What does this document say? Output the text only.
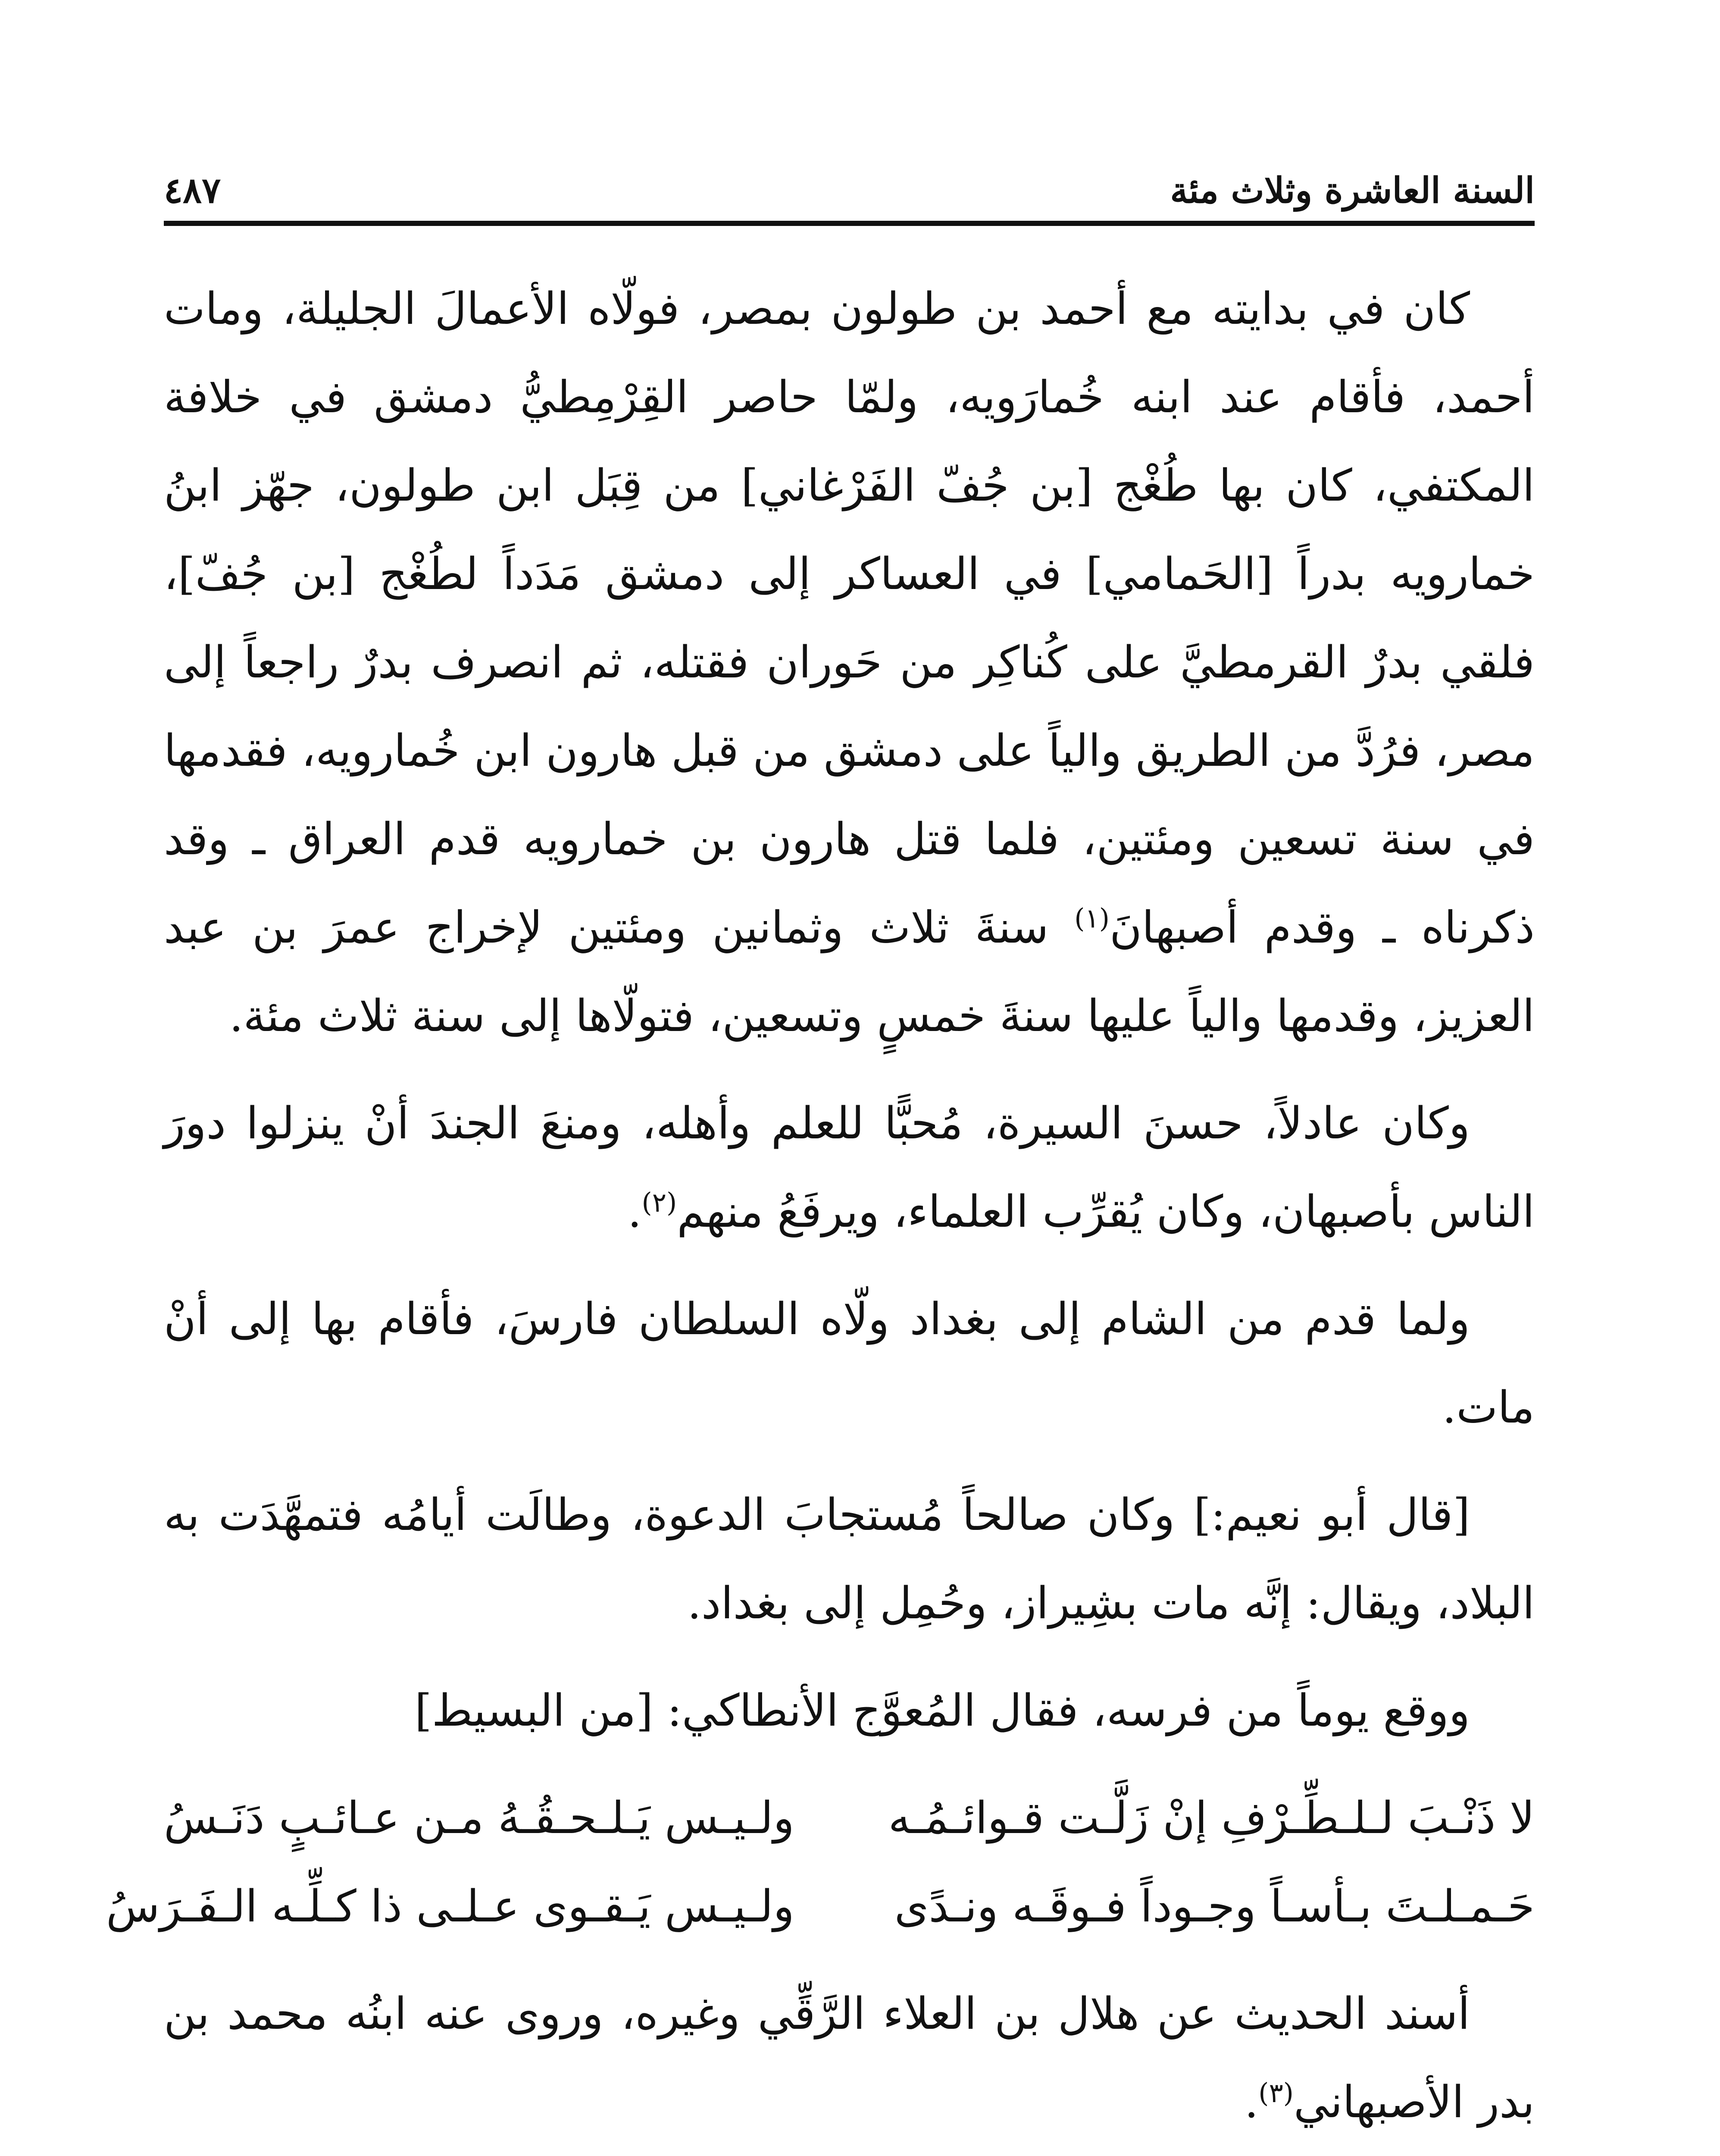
السنة العاشرة وثلاث مئة
٤٨٧

كان في بدايته مع أحمد بن طولون بمصر، فولّاه الأعمالَ الجليلة، ومات أحمد، فأقام عند ابنه خُمارَويه، ولمّا حاصر القِرْمِطيُّ دمشق في خلافة المكتفي، كان بها طُغْج [بن جُفّ الفَرْغاني] من قِبَل ابن طولون، جهّز ابنُ خمارويه بدراً [الحَمامي] في العساكر إلى دمشق مَدَداً لطُغْج [بن جُفّ]، فلقي بدرٌ القرمطيَّ على كُناكِر من حَوران فقتله، ثم انصرف بدرٌ راجعاً إلى مصر، فرُدَّ من الطريق والياً على دمشق من قبل هارون ابن خُمارويه، فقدمها في سنة تسعين ومئتين، فلما قتل هارون بن خمارويه قدم العراق ـ وقد ذكرناه ـ وقدم أصبهانَ$^{(١)}$ سنةَ ثلاث وثمانين ومئتين لإخراج عمرَ بن عبد العزيز، وقدمها والياً عليها سنةَ خمسٍ وتسعين، فتولّاها إلى سنة ثلاث مئة.

وكان عادلاً، حسنَ السيرة، مُحبًّا للعلم وأهله، ومنعَ الجندَ أنْ ينزلوا دورَ الناس بأصبهان، وكان يُقرِّب العلماء، ويرفَعُ منهم$^{(٢)}$.

ولما قدم من الشام إلى بغداد ولّاه السلطان فارسَ، فأقام بها إلى أنْ مات.

[قال أبو نعيم:] وكان صالحاً مُستجابَ الدعوة، وطالَت أيامُه فتمهَّدَت به البلاد، ويقال: إنَّه مات بشِيراز، وحُمِل إلى بغداد.

ووقع يوماً من فرسه، فقال المُعوَّج الأنطاكي: [من البسيط]

لا ذَنْـبَ لـلـطِّـرْفِ إنْ زَلَّـت قـوائـمُـه
ولـيـس يَـلـحـقُـهُ مـن عـائـبٍ دَنَـسُ
حَـمـلـتَ بـأسـاً وجـوداً فـوقَـه ونـدًى
ولـيـس يَـقـوى عـلـى ذا كـلِّـه الـفَـرَسُ

أسند الحديث عن هلال بن العلاء الرَّقِّي وغيره، وروى عنه ابنُه محمد بن بدر الأصبهاني$^{(٣)}$.
